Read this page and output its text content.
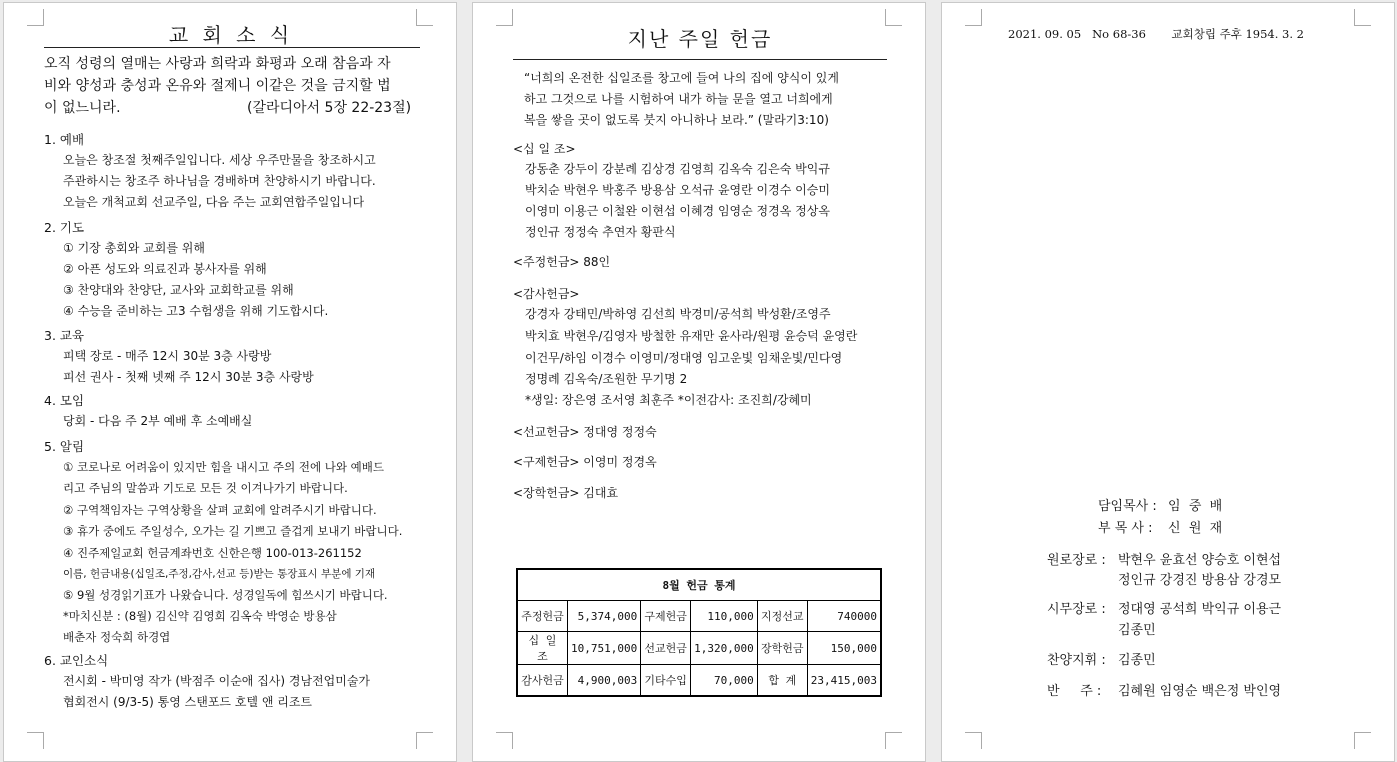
교 회 소 식
오직 성령의 열매는 사랑과 희락과 화평과 오래 참음과 자
비와 양성과 충성과 온유와 절제니 이같은 것을 금지할 법
이 없느니라.	(갈라디아서 5장 22-23절)
1. 예배
오늘은 창조절 첫째주일입니다. 세상 우주만물을 창조하시고
주관하시는 창조주 하나님을 경배하며 찬양하시기 바랍니다.
오늘은 개척교회 선교주일, 다음 주는 교회연합주일입니다
2. 기도
① 기장 총회와 교회를 위해
② 아픈 성도와 의료진과 봉사자를 위해
③ 찬양대와 찬양단, 교사와 교회학교를 위해
④ 수능을 준비하는 고3 수험생을 위해 기도합시다.
3. 교육
피택 장로 - 매주 12시 30분 3층 사랑방
피선 권사 - 첫째 넷째 주 12시 30분 3층 사랑방
4. 모임
당회 - 다음 주 2부 예배 후 소예배실
5. 알림
① 코로나로 어려움이 있지만 힘을 내시고 주의 전에 나와 예배드
리고 주님의 말씀과 기도로 모든 것 이겨나가기 바랍니다.
② 구역책임자는 구역상황을 살펴 교회에 알려주시기 바랍니다.
③ 휴가 중에도 주일성수, 오가는 길 기쁘고 즐겁게 보내기 바랍니다.
④ 진주제일교회 헌금계좌번호 신한은행 100-013-261152
이름, 헌금내용(십일조,주정,감사,선교 등)받는 통장표시 부분에 기재
⑤ 9월 성경읽기표가 나왔습니다. 성경일독에 힘쓰시기 바랍니다.
*마치신분 : (8월) 김신약 김영희 김옥숙 박영순 방용삼
배춘자 정숙희 하경엽
6. 교인소식
전시회 - 박미영 작가 (박점주 이순애 집사) 경남전업미술가
협회전시 (9/3-5) 통영 스탠포드 호텔 앤 리조트
지난 주일 헌금
“너희의 온전한 십일조를 창고에 들여 나의 집에 양식이 있게
하고 그것으로 나를 시험하여 내가 하늘 문을 열고 너희에게
복을 쌓을 곳이 없도록 붓지 아니하나 보라.” (말라기3:10)
<십 일 조>
강동춘 강두이 강분례 김상경 김영희 김옥숙 김은숙 박익규
박치순 박현우 박홍주 방용삼 오석규 윤영란 이경수 이승미
이영미 이용근 이철완 이현섭 이혜경 임영순 정경옥 정상옥
정인규 정정숙 추연자 황판식
<주정헌금> 88인
<감사헌금>
강경자 강태민/박하영 김선희 박경미/공석희 박성환/조영주
박치효 박현우/김영자 방철한 유재만 윤사라/원평 윤승덕 윤영란
이건무/하임 이경수 이영미/정대영 임고운빛 임채운빛/민다영
정명례 김옥숙/조원한 무기명 2
*생일: 장은영 조서영 최훈주 *이전감사: 조진희/강혜미
<선교헌금> 정대영 정정숙
<구제헌금> 이영미 정경옥
<장학헌금> 김대효
8월 헌금 통계					
주정헌금	5,374,000	구제헌금	110,000	지정선교	740000
십 일 조	10,751,000	선교헌금	1,320,000	장학헌금	150,000
감사헌금	4,900,003	기타수입	70,000	합 계	23,415,003
2021. 09. 05   No 68-36       교회창립 주후 1954. 3. 2
담임목사 : 임  중  배
부 목 사 : 신  원  재
원로장로 : 박현우 윤효선 양승호 이현섭
정인규 강경진 방용삼 강경모
시무장로 : 정대영 공석희 박익규 이용근
김종민
찬양지휘 : 김종민
반     주 : 김혜원 임영순 백은정 박인영
